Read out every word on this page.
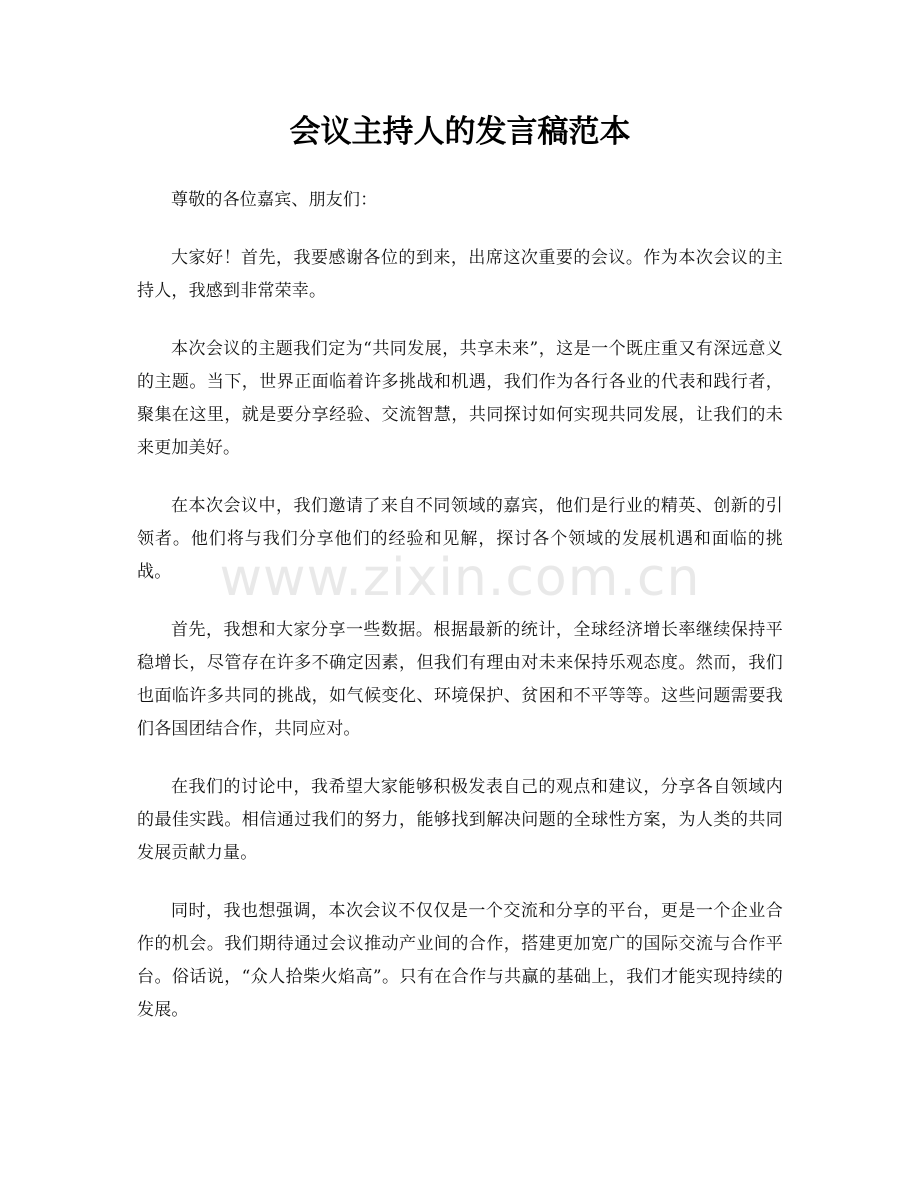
会议主持人的发言稿范本

尊敬的各位嘉宾、朋友们：

大家好！首先，我要感谢各位的到来，出席这次重要的会议。作为本次会议的主持人，我感到非常荣幸。

本次会议的主题我们定为“共同发展，共享未来”，这是一个既庄重又有深远意义的主题。当下，世界正面临着许多挑战和机遇，我们作为各行各业的代表和践行者，聚集在这里，就是要分享经验、交流智慧，共同探讨如何实现共同发展，让我们的未来更加美好。

在本次会议中，我们邀请了来自不同领域的嘉宾，他们是行业的精英、创新的引领者。他们将与我们分享他们的经验和见解，探讨各个领域的发展机遇和面临的挑战。

首先，我想和大家分享一些数据。根据最新的统计，全球经济增长率继续保持平稳增长，尽管存在许多不确定因素，但我们有理由对未来保持乐观态度。然而，我们也面临许多共同的挑战，如气候变化、环境保护、贫困和不平等等。这些问题需要我们各国团结合作，共同应对。

在我们的讨论中，我希望大家能够积极发表自己的观点和建议，分享各自领域内的最佳实践。相信通过我们的努力，能够找到解决问题的全球性方案，为人类的共同发展贡献力量。

同时，我也想强调，本次会议不仅仅是一个交流和分享的平台，更是一个企业合作的机会。我们期待通过会议推动产业间的合作，搭建更加宽广的国际交流与合作平台。俗话说，“众人拾柴火焰高”。只有在合作与共赢的基础上，我们才能实现持续的发展。

www.zixin.com.cn
